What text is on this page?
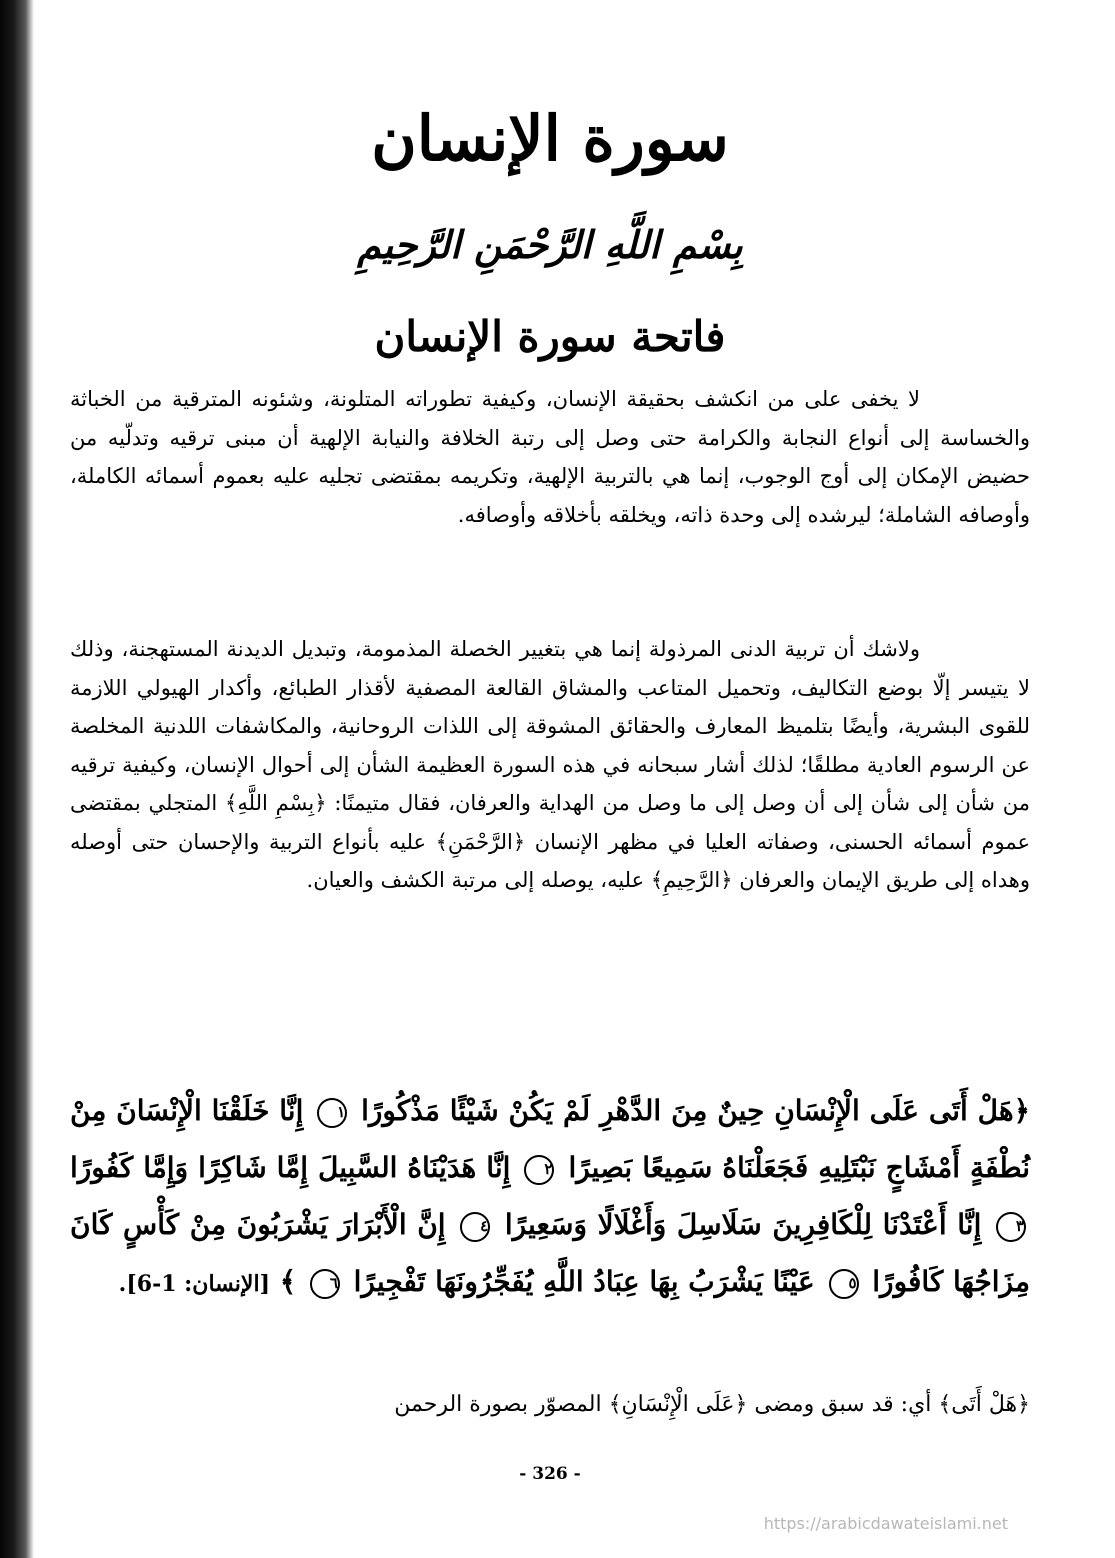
سورة الإنسان
بِسْمِ اللَّهِ الرَّحْمَنِ الرَّحِيمِ
فاتحة سورة الإنسان

لا يخفى على من انكشف بحقيقة الإنسان، وكيفية تطوراته المتلونة، وشئونه المترقية من الخباثة والخساسة إلى أنواع النجابة والكرامة حتى وصل إلى رتبة الخلافة والنيابة الإلهية أن مبنى ترقيه وتدلّيه من حضيض الإمكان إلى أوج الوجوب، إنما هي بالتربية الإلهية، وتكريمه بمقتضى تجليه عليه بعموم أسمائه الكاملة، وأوصافه الشاملة؛ ليرشده إلى وحدة ذاته، ويخلقه بأخلاقه وأوصافه.

ولاشك أن تربية الدنى المرذولة إنما هي بتغيير الخصلة المذمومة، وتبديل الديدنة المستهجنة، وذلك لا يتيسر إلّا بوضع التكاليف، وتحميل المتاعب والمشاق القالعة المصفية لأقذار الطبائع، وأكدار الهيولي اللازمة للقوى البشرية، وأيضًا بتلميظ المعارف والحقائق المشوقة إلى اللذات الروحانية، والمكاشفات اللدنية المخلصة عن الرسوم العادية مطلقًا؛ لذلك أشار سبحانه في هذه السورة العظيمة الشأن إلى أحوال الإنسان، وكيفية ترقيه من شأن إلى شأن إلى أن وصل إلى ما وصل من الهداية والعرفان، فقال متيمنًا: ﴿بِسْمِ اللَّهِ﴾ المتجلي بمقتضى عموم أسمائه الحسنى، وصفاته العليا في مظهر الإنسان ﴿الرَّحْمَنِ﴾ عليه بأنواع التربية والإحسان حتى أوصله وهداه إلى طريق الإيمان والعرفان ﴿الرَّحِيمِ﴾ عليه، يوصله إلى مرتبة الكشف والعيان.

﴿هَلْ أَتَى عَلَى الْإِنْسَانِ حِينٌ مِنَ الدَّهْرِ لَمْ يَكُنْ شَيْئًا مَذْكُورًا ١ إِنَّا خَلَقْنَا الْإِنْسَانَ مِنْ نُطْفَةٍ أَمْشَاجٍ نَبْتَلِيهِ فَجَعَلْنَاهُ سَمِيعًا بَصِيرًا ٢ إِنَّا هَدَيْنَاهُ السَّبِيلَ إِمَّا شَاكِرًا وَإِمَّا كَفُورًا ٣ إِنَّا أَعْتَدْنَا لِلْكَافِرِينَ سَلَاسِلَ وَأَغْلَالًا وَسَعِيرًا ٤ إِنَّ الْأَبْرَارَ يَشْرَبُونَ مِنْ كَأْسٍ كَانَ مِزَاجُهَا كَافُورًا ٥ عَيْنًا يَشْرَبُ بِهَا عِبَادُ اللَّهِ يُفَجِّرُونَهَا تَفْجِيرًا ٦ ﴾ [الإنسان: 1-6].

﴿هَلْ أَتَى﴾ أي: قد سبق ومضى ﴿عَلَى الْإِنْسَانِ﴾ المصوّر بصورة الرحمن

- 326 -
https://arabicdawateislami.net
